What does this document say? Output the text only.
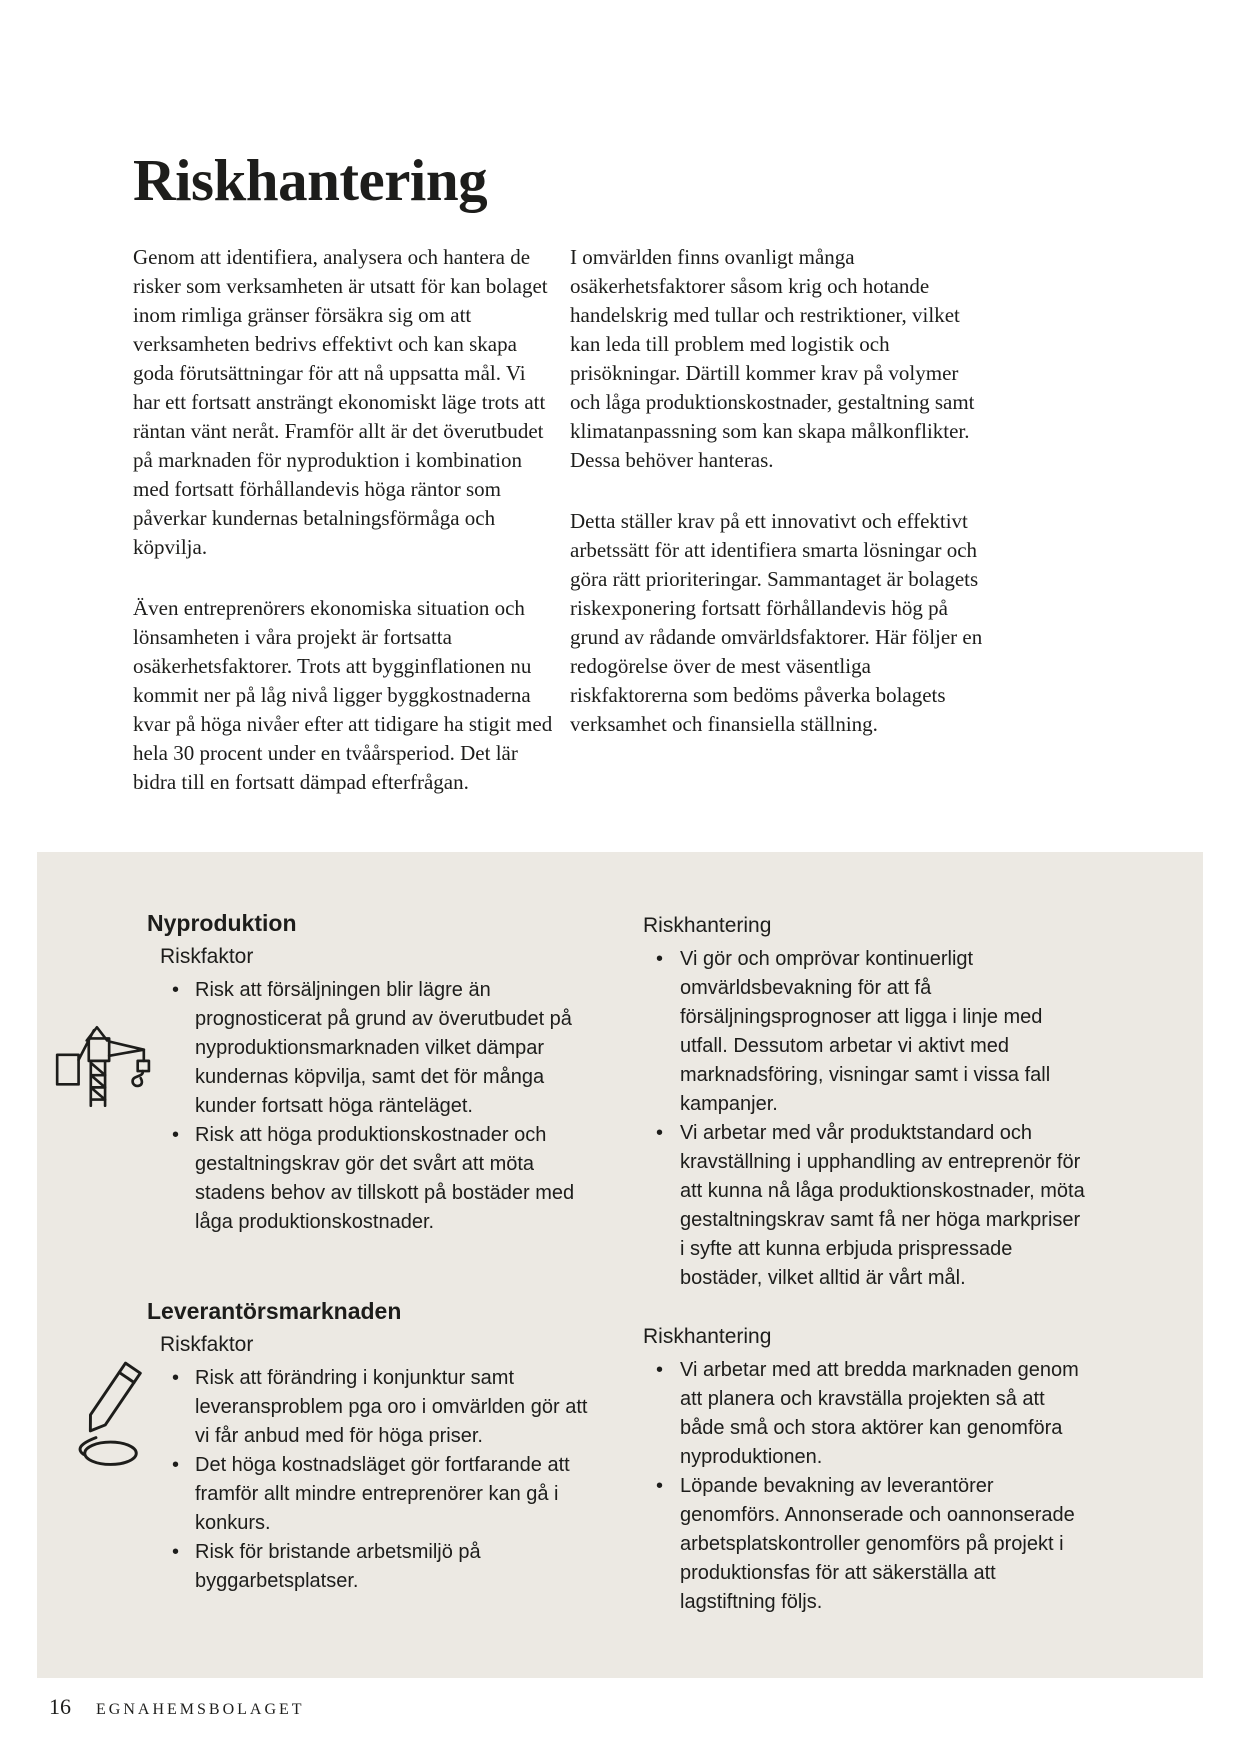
Riskhantering

Genom att identifiera, analysera och hantera de risker som verksamheten är utsatt för kan bolaget inom rimliga gränser försäkra sig om att verksamheten bedrivs effektivt och kan skapa goda förutsättningar för att nå uppsatta mål. Vi har ett fortsatt ansträngt ekonomiskt läge trots att räntan vänt neråt. Framför allt är det överutbudet på marknaden för nyproduktion i kombination med fortsatt förhållandevis höga räntor som påverkar kundernas betalningsförmåga och köpvilja.

Även entreprenörers ekonomiska situation och lönsamheten i våra projekt är fortsatta osäkerhetsfaktorer. Trots att bygginflationen nu kommit ner på låg nivå ligger byggkostnaderna kvar på höga nivåer efter att tidigare ha stigit med hela 30 procent under en tvåårsperiod. Det lär bidra till en fortsatt dämpad efterfrågan.

I omvärlden finns ovanligt många osäkerhetsfaktorer såsom krig och hotande handelskrig med tullar och restriktioner, vilket kan leda till problem med logistik och prisökningar. Därtill kommer krav på volymer och låga produktionskostnader, gestaltning samt klimatanpassning som kan skapa målkonflikter. Dessa behöver hanteras.

Detta ställer krav på ett innovativt och effektivt arbetssätt för att identifiera smarta lösningar och göra rätt prioriteringar. Sammantaget är bolagets riskexponering fortsatt förhållandevis hög på grund av rådande omvärldsfaktorer. Här följer en redogörelse över de mest väsentliga riskfaktorerna som bedöms påverka bolagets verksamhet och finansiella ställning.

Nyproduktion
Riskfaktor
• Risk att försäljningen blir lägre än prognosticerat på grund av överutbudet på nyproduktionsmarknaden vilket dämpar kundernas köpvilja, samt det för många kunder fortsatt höga ränteläget.
• Risk att höga produktionskostnader och gestaltningskrav gör det svårt att möta stadens behov av tillskott på bostäder med låga produktionskostnader.
Riskhantering
• Vi gör och omprövar kontinuerligt omvärldsbevakning för att få försäljningsprognoser att ligga i linje med utfall. Dessutom arbetar vi aktivt med marknadsföring, visningar samt i vissa fall kampanjer.
• Vi arbetar med vår produktstandard och kravställning i upphandling av entreprenör för att kunna nå låga produktionskostnader, möta gestaltningskrav samt få ner höga markpriser i syfte att kunna erbjuda prispressade bostäder, vilket alltid är vårt mål.
Leverantörsmarknaden
Riskfaktor
• Risk att förändring i konjunktur samt leveransproblem pga oro i omvärlden gör att vi får anbud med för höga priser.
• Det höga kostnadsläget gör fortfarande att framför allt mindre entreprenörer kan gå i konkurs.
• Risk för bristande arbetsmiljö på byggarbetsplatser.
Riskhantering
• Vi arbetar med att bredda marknaden genom att planera och kravställa projekten så att både små och stora aktörer kan genomföra nyproduktionen.
• Löpande bevakning av leverantörer genomförs. Annonserade och oannonserade arbetsplatskontroller genomförs på projekt i produktionsfas för att säkerställa att lagstiftning följs.
16 EGNAHEMSBOLAGET
